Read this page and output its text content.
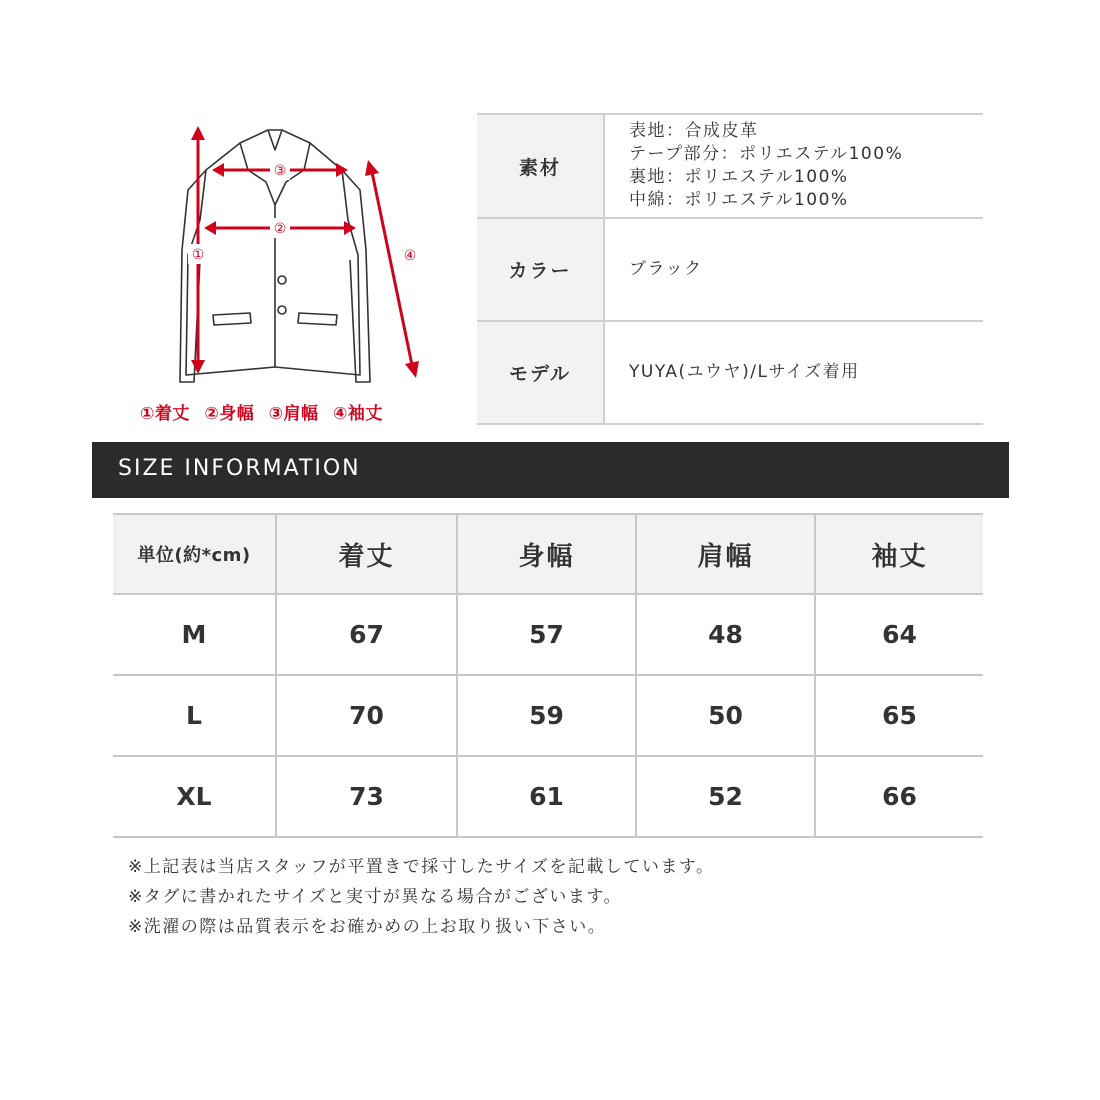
①
②
③
④
①着丈 ②身幅 ③肩幅 ④袖丈
素材	表地：合成皮革
テープ部分：ポリエステル100%
裏地：ポリエステル100%
中綿：ポリエステル100%

カラー	ブラック
モデル	YUYA(ユウヤ)/Lサイズ着用
SIZE INFORMATION
単位(約*cm)	着丈	身幅	肩幅	袖丈
M	67	57	48	64
L	70	59	50	65
XL	73	61	52	66
※上記表は当店スタッフが平置きで採寸したサイズを記載しています。
※タグに書かれたサイズと実寸が異なる場合がございます。
※洗濯の際は品質表示をお確かめの上お取り扱い下さい。
